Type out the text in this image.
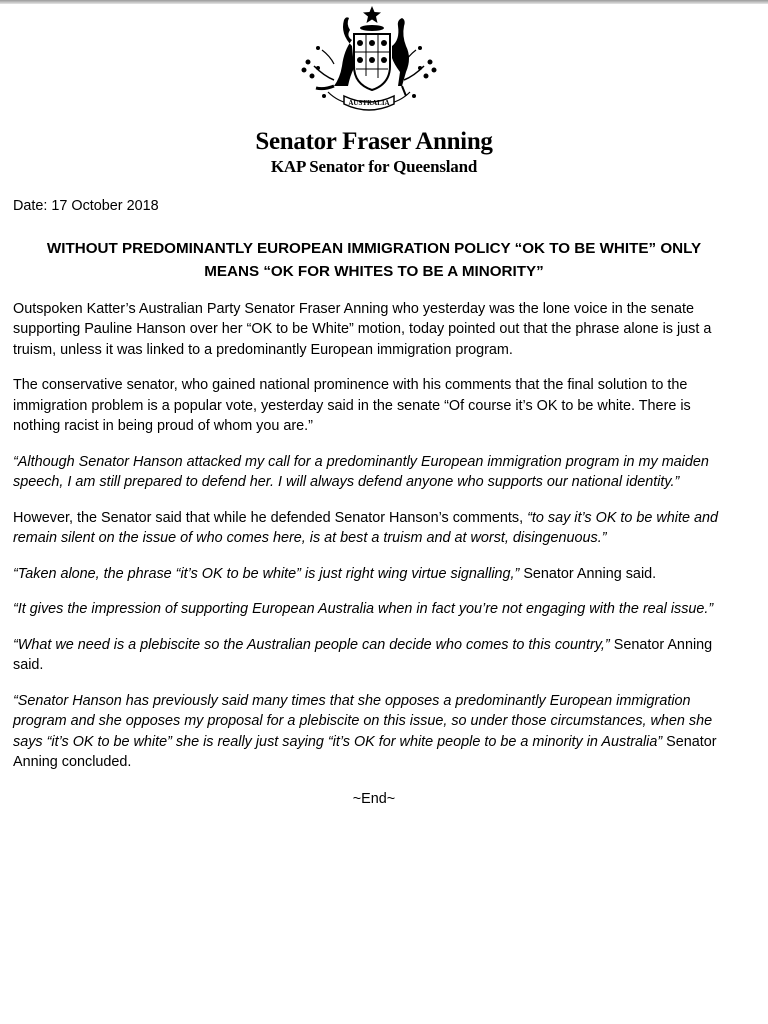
AUSTRALIA

Senator Fraser Anning

KAP Senator for Queensland

Date: 17 October 2018

WITHOUT PREDOMINANTLY EUROPEAN IMMIGRATION POLICY “OK TO BE WHITE” ONLY
MEANS “OK FOR WHITES TO BE A MINORITY”

Outspoken Katter’s Australian Party Senator Fraser Anning who yesterday was the lone voice in the senate supporting Pauline Hanson over her “OK to be White” motion, today pointed out that the phrase alone is just a truism, unless it was linked to a predominantly European immigration program.

The conservative senator, who gained national prominence with his comments that the final solution to the immigration problem is a popular vote, yesterday said in the senate “Of course it’s OK to be white. There is nothing racist in being proud of whom you are.”

“Although Senator Hanson attacked my call for a predominantly European immigration program in my maiden speech, I am still prepared to defend her. I will always defend anyone who supports our national identity.”

However, the Senator said that while he defended Senator Hanson’s comments, “to say it’s OK to be white and remain silent on the issue of who comes here, is at best a truism and at worst, disingenuous.”

“Taken alone, the phrase “it’s OK to be white” is just right wing virtue signalling,” Senator Anning said.

“It gives the impression of supporting European Australia when in fact you’re not engaging with the real issue.”

“What we need is a plebiscite so the Australian people can decide who comes to this country,” Senator Anning said.

“Senator Hanson has previously said many times that she opposes a predominantly European immigration program and she opposes my proposal for a plebiscite on this issue, so under those circumstances, when she says “it’s OK to be white” she is really just saying “it’s OK for white people to be a minority in Australia” Senator Anning concluded.

~End~
